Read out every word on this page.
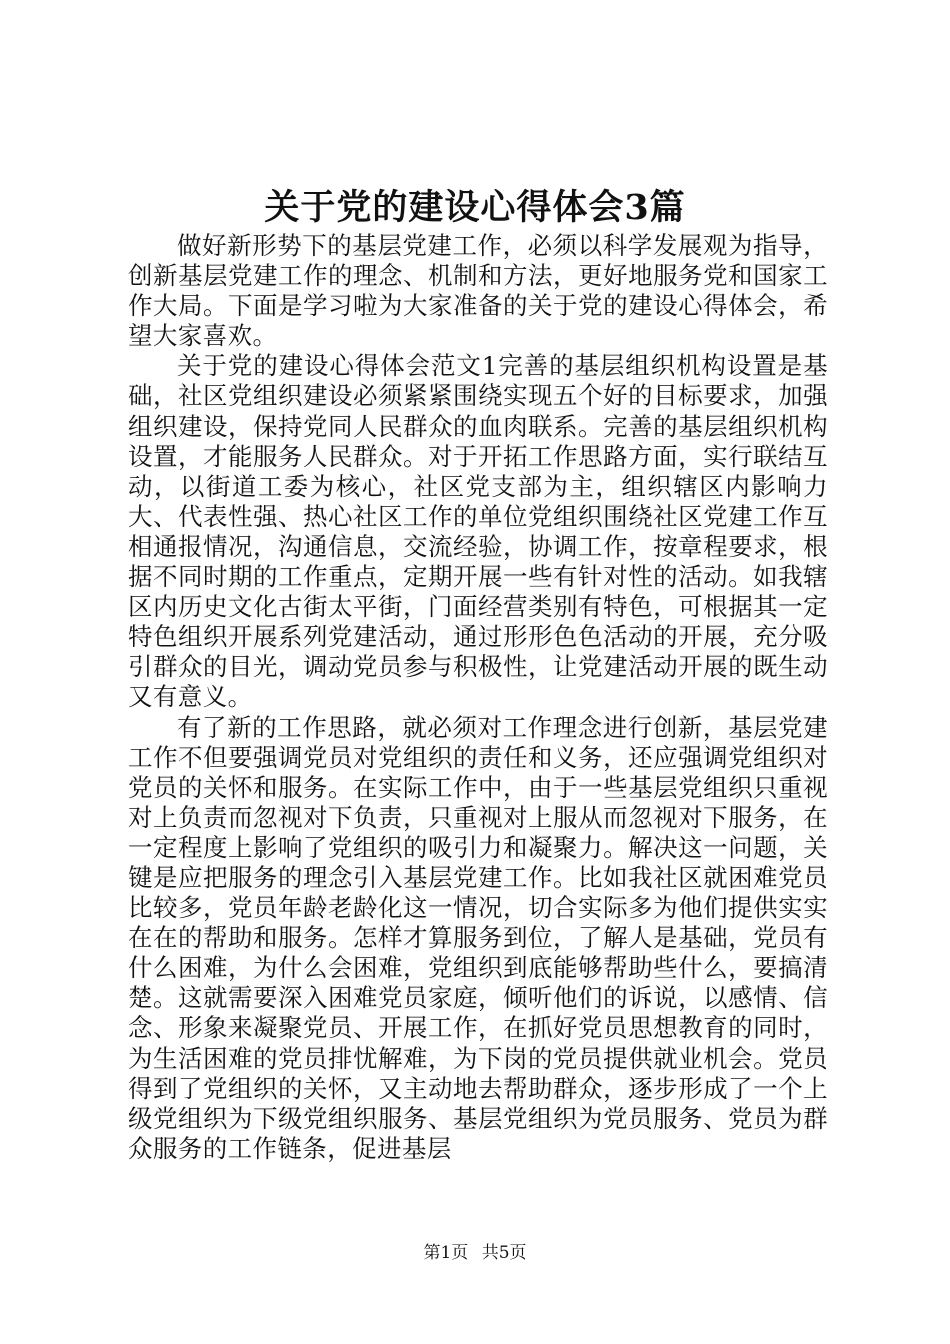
关于党的建设心得体会3篇

做好新形势下的基层党建工作，必须以科学发展观为指导，创新基层党建工作的理念、机制和方法，更好地服务党和国家工作大局。下面是学习啦为大家准备的关于党的建设心得体会，希望大家喜欢。

关于党的建设心得体会范文1完善的基层组织机构设置是基础，社区党组织建设必须紧紧围绕实现五个好的目标要求，加强组织建设，保持党同人民群众的血肉联系。完善的基层组织机构设置，才能服务人民群众。对于开拓工作思路方面，实行联结互动，以街道工委为核心，社区党支部为主，组织辖区内影响力大、代表性强、热心社区工作的单位党组织围绕社区党建工作互相通报情况，沟通信息，交流经验，协调工作，按章程要求，根据不同时期的工作重点，定期开展一些有针对性的活动。如我辖区内历史文化古街太平街，门面经营类别有特色，可根据其一定特色组织开展系列党建活动，通过形形色色活动的开展，充分吸引群众的目光，调动党员参与积极性，让党建活动开展的既生动又有意义。

有了新的工作思路，就必须对工作理念进行创新，基层党建工作不但要强调党员对党组织的责任和义务，还应强调党组织对党员的关怀和服务。在实际工作中，由于一些基层党组织只重视对上负责而忽视对下负责，只重视对上服从而忽视对下服务，在一定程度上影响了党组织的吸引力和凝聚力。解决这一问题，关键是应把服务的理念引入基层党建工作。比如我社区就困难党员比较多，党员年龄老龄化这一情况，切合实际多为他们提供实实在在的帮助和服务。怎样才算服务到位，了解人是基础，党员有什么困难，为什么会困难，党组织到底能够帮助些什么，要搞清楚。这就需要深入困难党员家庭，倾听他们的诉说，以感情、信念、形象来凝聚党员、开展工作，在抓好党员思想教育的同时，为生活困难的党员排忧解难，为下岗的党员提供就业机会。党员得到了党组织的关怀，又主动地去帮助群众，逐步形成了一个上级党组织为下级党组织服务、基层党组织为党员服务、党员为群众服务的工作链条，促进基层

第1页 共5页
